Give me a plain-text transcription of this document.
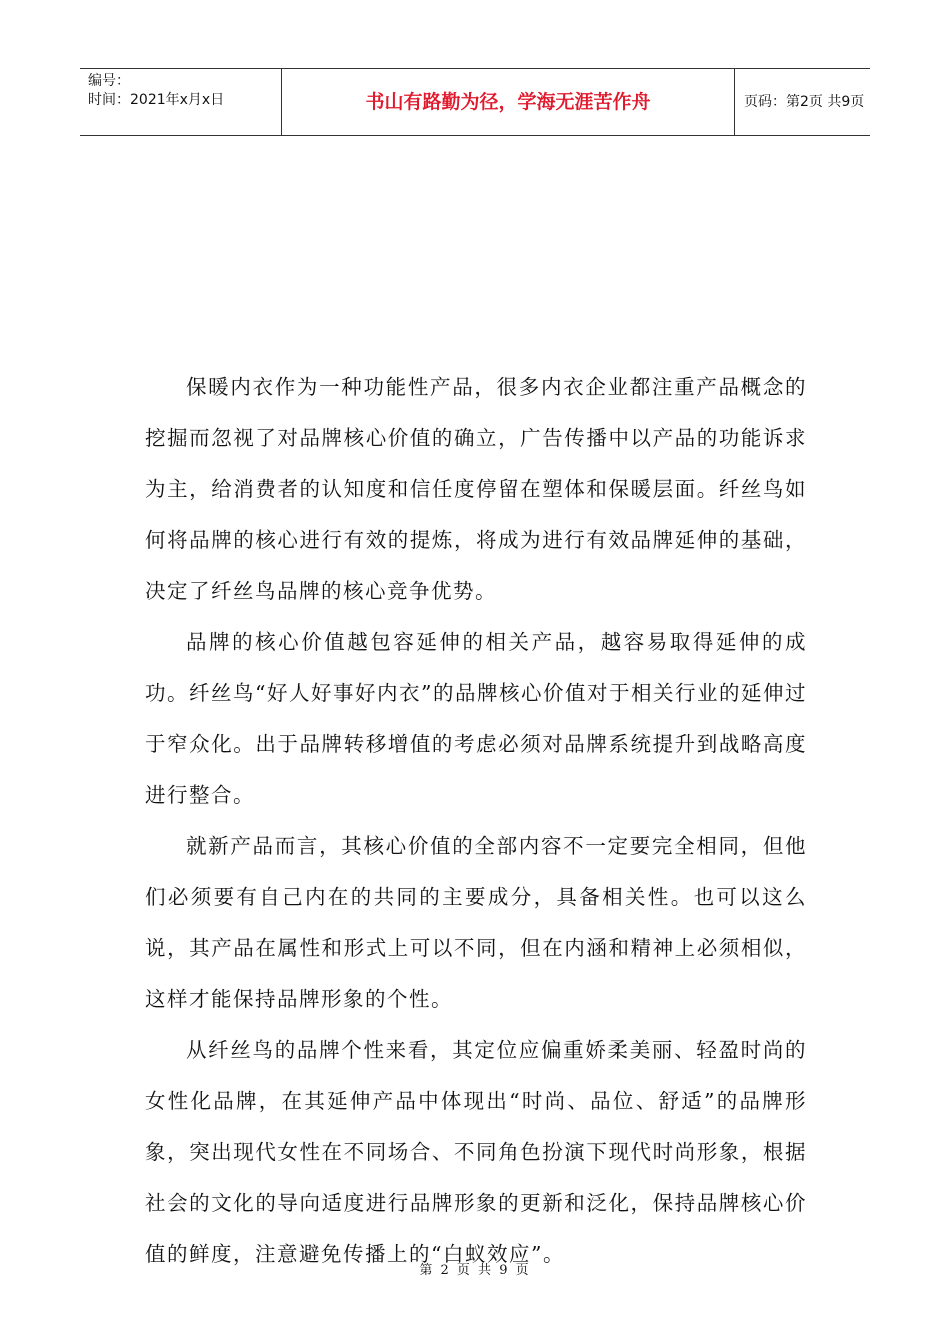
编号：
时间：2021年x月x日	书山有路勤为径，学海无涯苦作舟	页码：第2页 共9页

保暖内衣作为一种功能性产品，很多内衣企业都注重产品概念的挖掘而忽视了对品牌核心价值的确立，广告传播中以产品的功能诉求为主，给消费者的认知度和信任度停留在塑体和保暖层面。纤丝鸟如何将品牌的核心进行有效的提炼，将成为进行有效品牌延伸的基础，决定了纤丝鸟品牌的核心竞争优势。

品牌的核心价值越包容延伸的相关产品，越容易取得延伸的成功。纤丝鸟“好人好事好内衣”的品牌核心价值对于相关行业的延伸过于窄众化。出于品牌转移增值的考虑必须对品牌系统提升到战略高度进行整合。

就新产品而言，其核心价值的全部内容不一定要完全相同，但他们必须要有自己内在的共同的主要成分，具备相关性。也可以这么说，其产品在属性和形式上可以不同，但在内涵和精神上必须相似，这样才能保持品牌形象的个性。

从纤丝鸟的品牌个性来看，其定位应偏重娇柔美丽、轻盈时尚的女性化品牌，在其延伸产品中体现出“时尚、品位、舒适”的品牌形象，突出现代女性在不同场合、不同角色扮演下现代时尚形象，根据社会的文化的导向适度进行品牌形象的更新和泛化，保持品牌核心价值的鲜度，注意避免传播上的“白蚁效应”。

第 2 页 共 9 页
